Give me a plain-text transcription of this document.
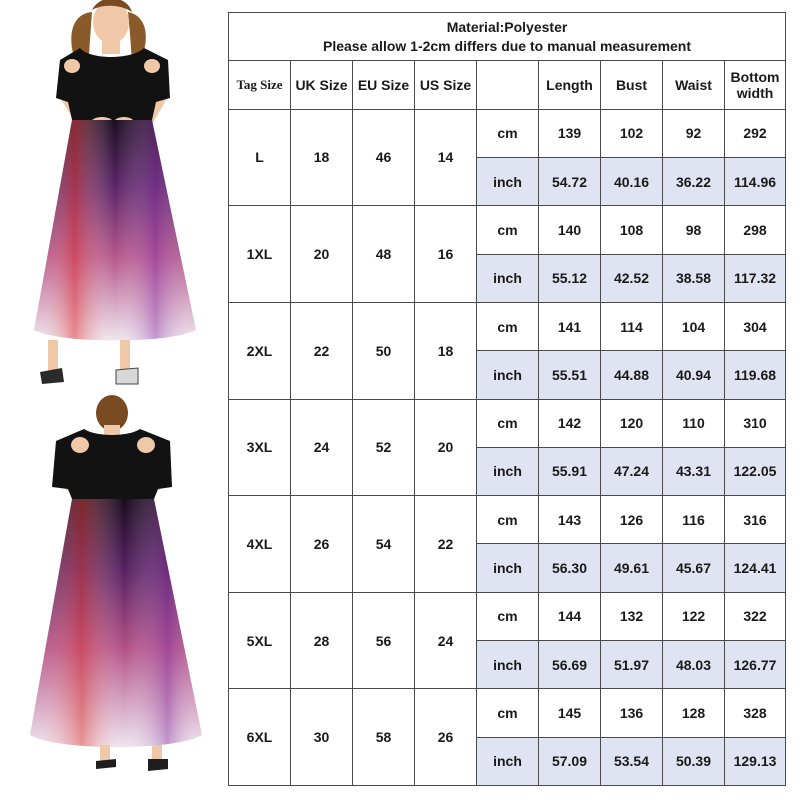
Material:Polyester
Please allow 1-2cm differs due to manual measurement								

Tag Size	UK Size	EU Size	US Size		Length	Bust	Waist	Bottom
width

L	18	46	14	cm	139	102	92	292
				inch	54.72	40.16	36.22	114.96
1XL	20	48	16	cm	140	108	98	298
				inch	55.12	42.52	38.58	117.32
2XL	22	50	18	cm	141	114	104	304
				inch	55.51	44.88	40.94	119.68
3XL	24	52	20	cm	142	120	110	310
				inch	55.91	47.24	43.31	122.05
4XL	26	54	22	cm	143	126	116	316
				inch	56.30	49.61	45.67	124.41
5XL	28	56	24	cm	144	132	122	322
				inch	56.69	51.97	48.03	126.77
6XL	30	58	26	cm	145	136	128	328
				inch	57.09	53.54	50.39	129.13
